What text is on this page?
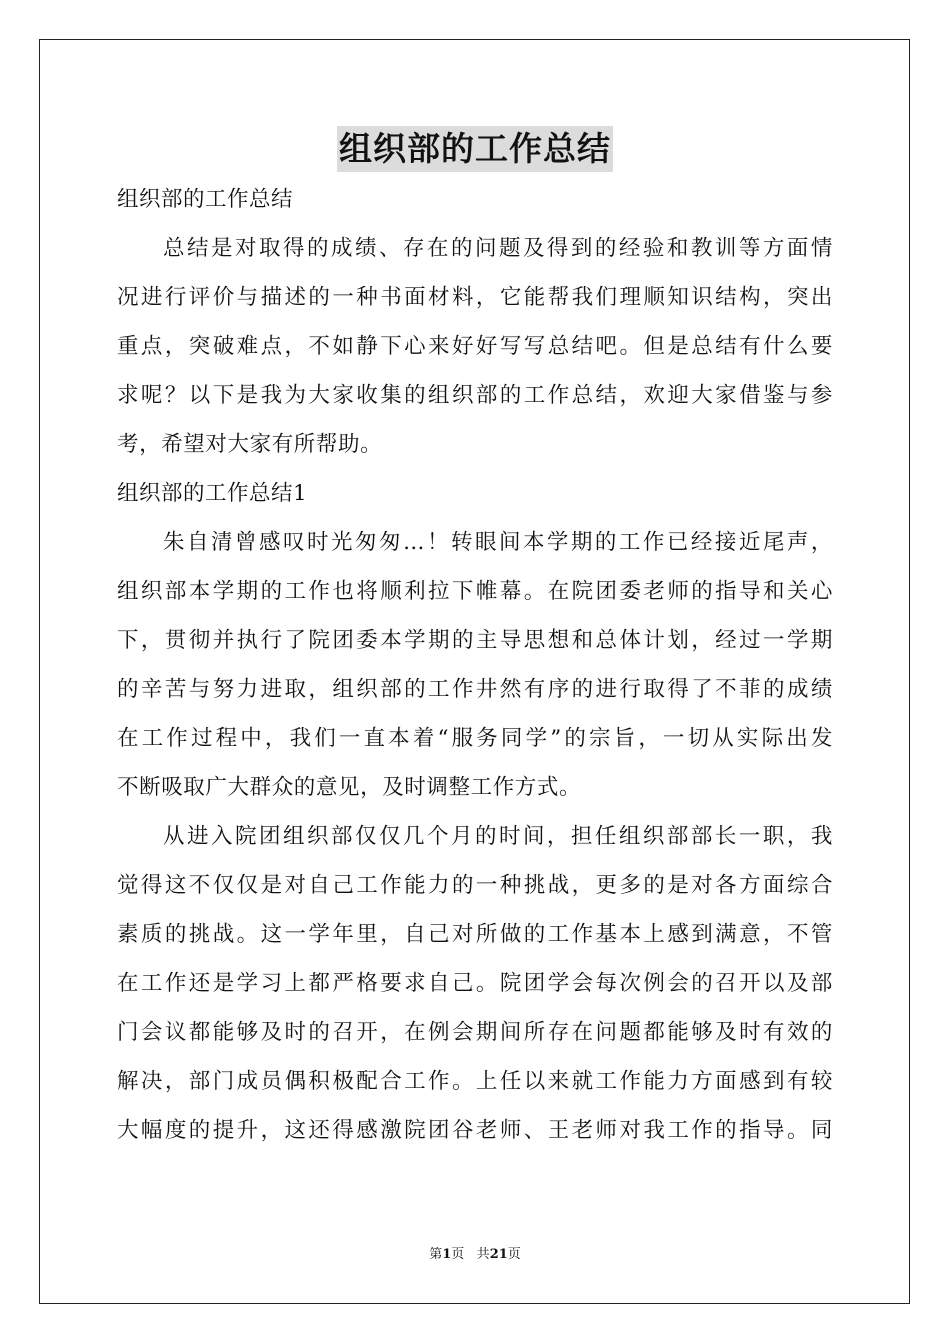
组织部的工作总结
组织部的工作总结
总结是对取得的成绩、存在的问题及得到的经验和教训等方面情
况进行评价与描述的一种书面材料，它能帮我们理顺知识结构，突出
重点，突破难点，不如静下心来好好写写总结吧。但是总结有什么要
求呢？以下是我为大家收集的组织部的工作总结，欢迎大家借鉴与参
考，希望对大家有所帮助。
组织部的工作总结1
朱自清曾感叹时光匆匆…！转眼间本学期的工作已经接近尾声，
组织部本学期的工作也将顺利拉下帷幕。在院团委老师的指导和关心
下，贯彻并执行了院团委本学期的主导思想和总体计划，经过一学期
的辛苦与努力进取，组织部的工作井然有序的进行取得了不菲的成绩
在工作过程中，我们一直本着“服务同学”的宗旨，一切从实际出发
不断吸取广大群众的意见，及时调整工作方式。
从进入院团组织部仅仅几个月的时间，担任组织部部长一职，我
觉得这不仅仅是对自己工作能力的一种挑战，更多的是对各方面综合
素质的挑战。这一学年里，自己对所做的工作基本上感到满意，不管
在工作还是学习上都严格要求自己。院团学会每次例会的召开以及部
门会议都能够及时的召开，在例会期间所存在问题都能够及时有效的
解决，部门成员偶积极配合工作。上任以来就工作能力方面感到有较
大幅度的提升，这还得感激院团谷老师、王老师对我工作的指导。同
第1页 共21页
